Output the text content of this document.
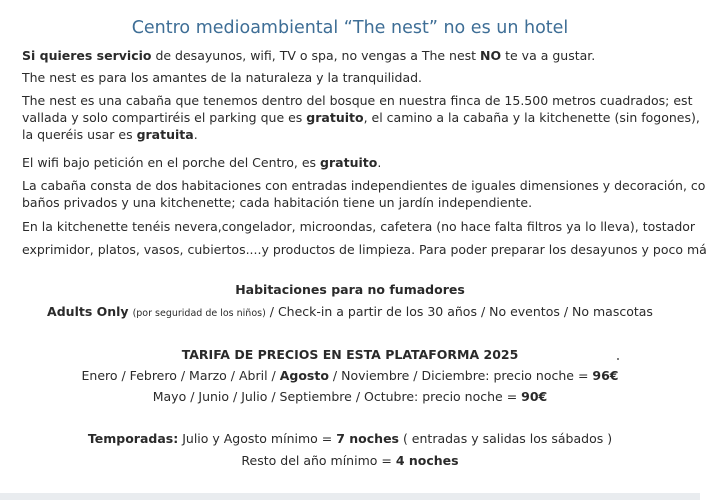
Centro medioambiental “The nest” no es un hotel
Si quieres servicio de desayunos, wifi, TV o spa, no vengas a The nest NO te va a gustar.
The nest es para los amantes de la naturaleza y la tranquilidad.
The nest es una cabaña que tenemos dentro del bosque en nuestra finca de 15.500 metros cuadrados; est
vallada y solo compartiréis el parking que es gratuito, el camino a la cabaña y la kitchenette (sin fogones),
la queréis usar es gratuita.
El wifi bajo petición en el porche del Centro, es gratuito.
La cabaña consta de dos habitaciones con entradas independientes de iguales dimensiones y decoración, co
baños privados y una kitchenette; cada habitación tiene un jardín independiente.
En la kitchenette tenéis nevera,congelador, microondas, cafetera (no hace falta filtros ya lo lleva), tostador
exprimidor, platos, vasos, cubiertos....y productos de limpieza. Para poder preparar los desayunos y poco má
Habitaciones para no fumadores
Adults Only (por seguridad de los niños) / Check-in a partir de los 30 años / No eventos / No mascotas
TARIFA DE PRECIOS EN ESTA PLATAFORMA 2025
Enero / Febrero / Marzo / Abril / Agosto / Noviembre / Diciembre: precio noche = 96€
Mayo / Junio / Julio / Septiembre / Octubre: precio noche = 90€
Temporadas: Julio y Agosto mínimo = 7 noches ( entradas y salidas los sábados )
Resto del año mínimo = 4 noches
